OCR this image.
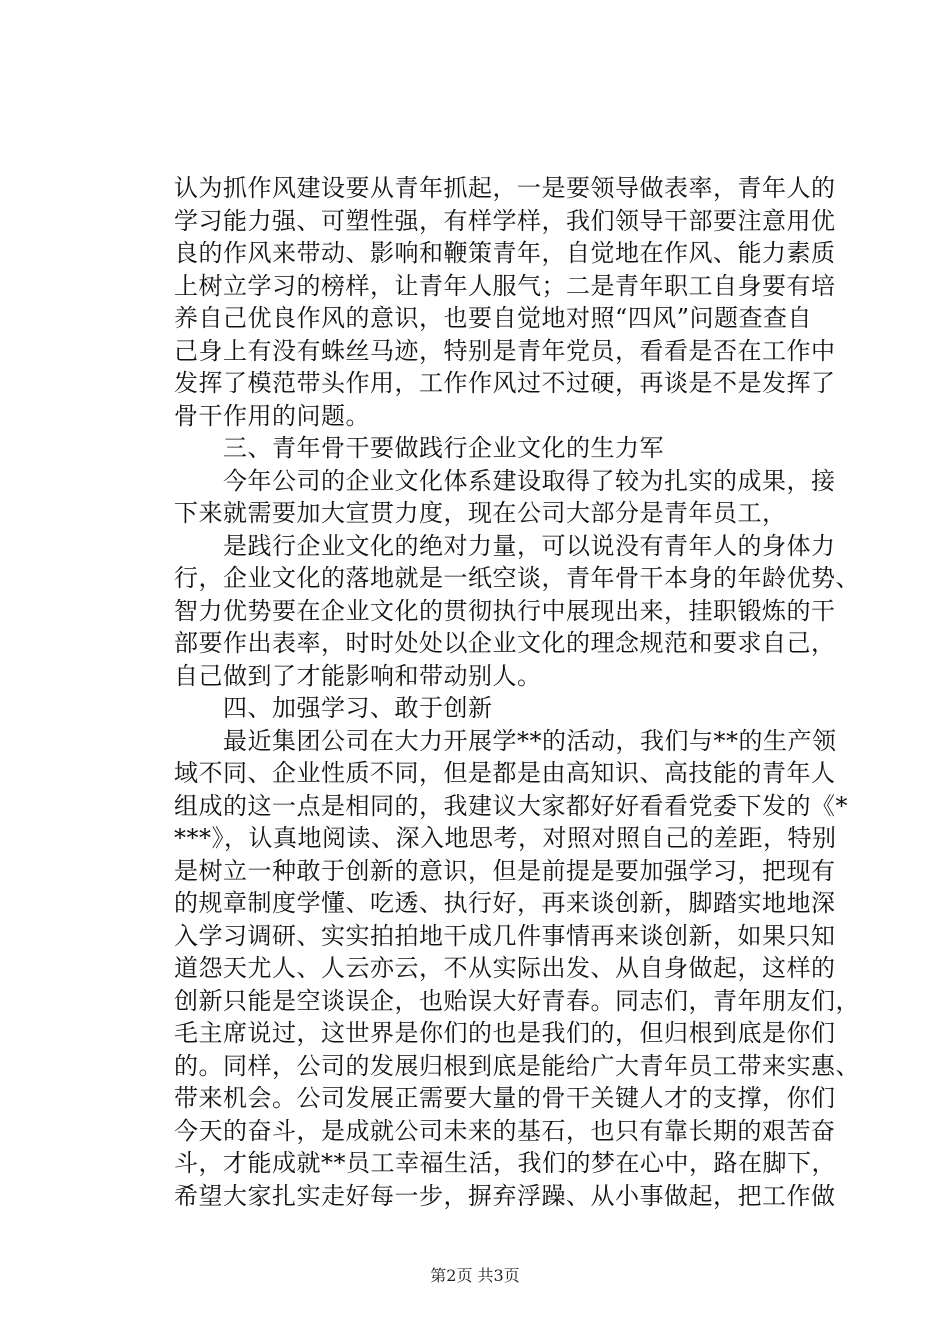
认为抓作风建设要从青年抓起，一是要领导做表率，青年人的
学习能力强、可塑性强，有样学样，我们领导干部要注意用优
良的作风来带动、影响和鞭策青年，自觉地在作风、能力素质
上树立学习的榜样，让青年人服气；二是青年职工自身要有培
养自己优良作风的意识，也要自觉地对照“四风”问题查查自
己身上有没有蛛丝马迹，特别是青年党员，看看是否在工作中
发挥了模范带头作用，工作作风过不过硬，再谈是不是发挥了
骨干作用的问题。
　　三、青年骨干要做践行企业文化的生力军
　　今年公司的企业文化体系建设取得了较为扎实的成果，接
下来就需要加大宣贯力度，现在公司大部分是青年员工，
　　是践行企业文化的绝对力量，可以说没有青年人的身体力
行，企业文化的落地就是一纸空谈，青年骨干本身的年龄优势、
智力优势要在企业文化的贯彻执行中展现出来，挂职锻炼的干
部要作出表率，时时处处以企业文化的理念规范和要求自己，
自己做到了才能影响和带动别人。
　　四、加强学习、敢于创新
　　最近集团公司在大力开展学**的活动，我们与**的生产领
域不同、企业性质不同，但是都是由高知识、高技能的青年人
组成的这一点是相同的，我建议大家都好好看看党委下发的《*
***》，认真地阅读、深入地思考，对照对照自己的差距，特别
是树立一种敢于创新的意识，但是前提是要加强学习，把现有
的规章制度学懂、吃透、执行好，再来谈创新，脚踏实地地深
入学习调研、实实拍拍地干成几件事情再来谈创新，如果只知
道怨天尤人、人云亦云，不从实际出发、从自身做起，这样的
创新只能是空谈误企，也贻误大好青春。同志们，青年朋友们，
毛主席说过，这世界是你们的也是我们的，但归根到底是你们
的。同样，公司的发展归根到底是能给广大青年员工带来实惠、
带来机会。公司发展正需要大量的骨干关键人才的支撑，你们
今天的奋斗，是成就公司未来的基石，也只有靠长期的艰苦奋
斗，才能成就**员工幸福生活，我们的梦在心中，路在脚下，
希望大家扎实走好每一步，摒弃浮躁、从小事做起，把工作做
第2页 共3页
